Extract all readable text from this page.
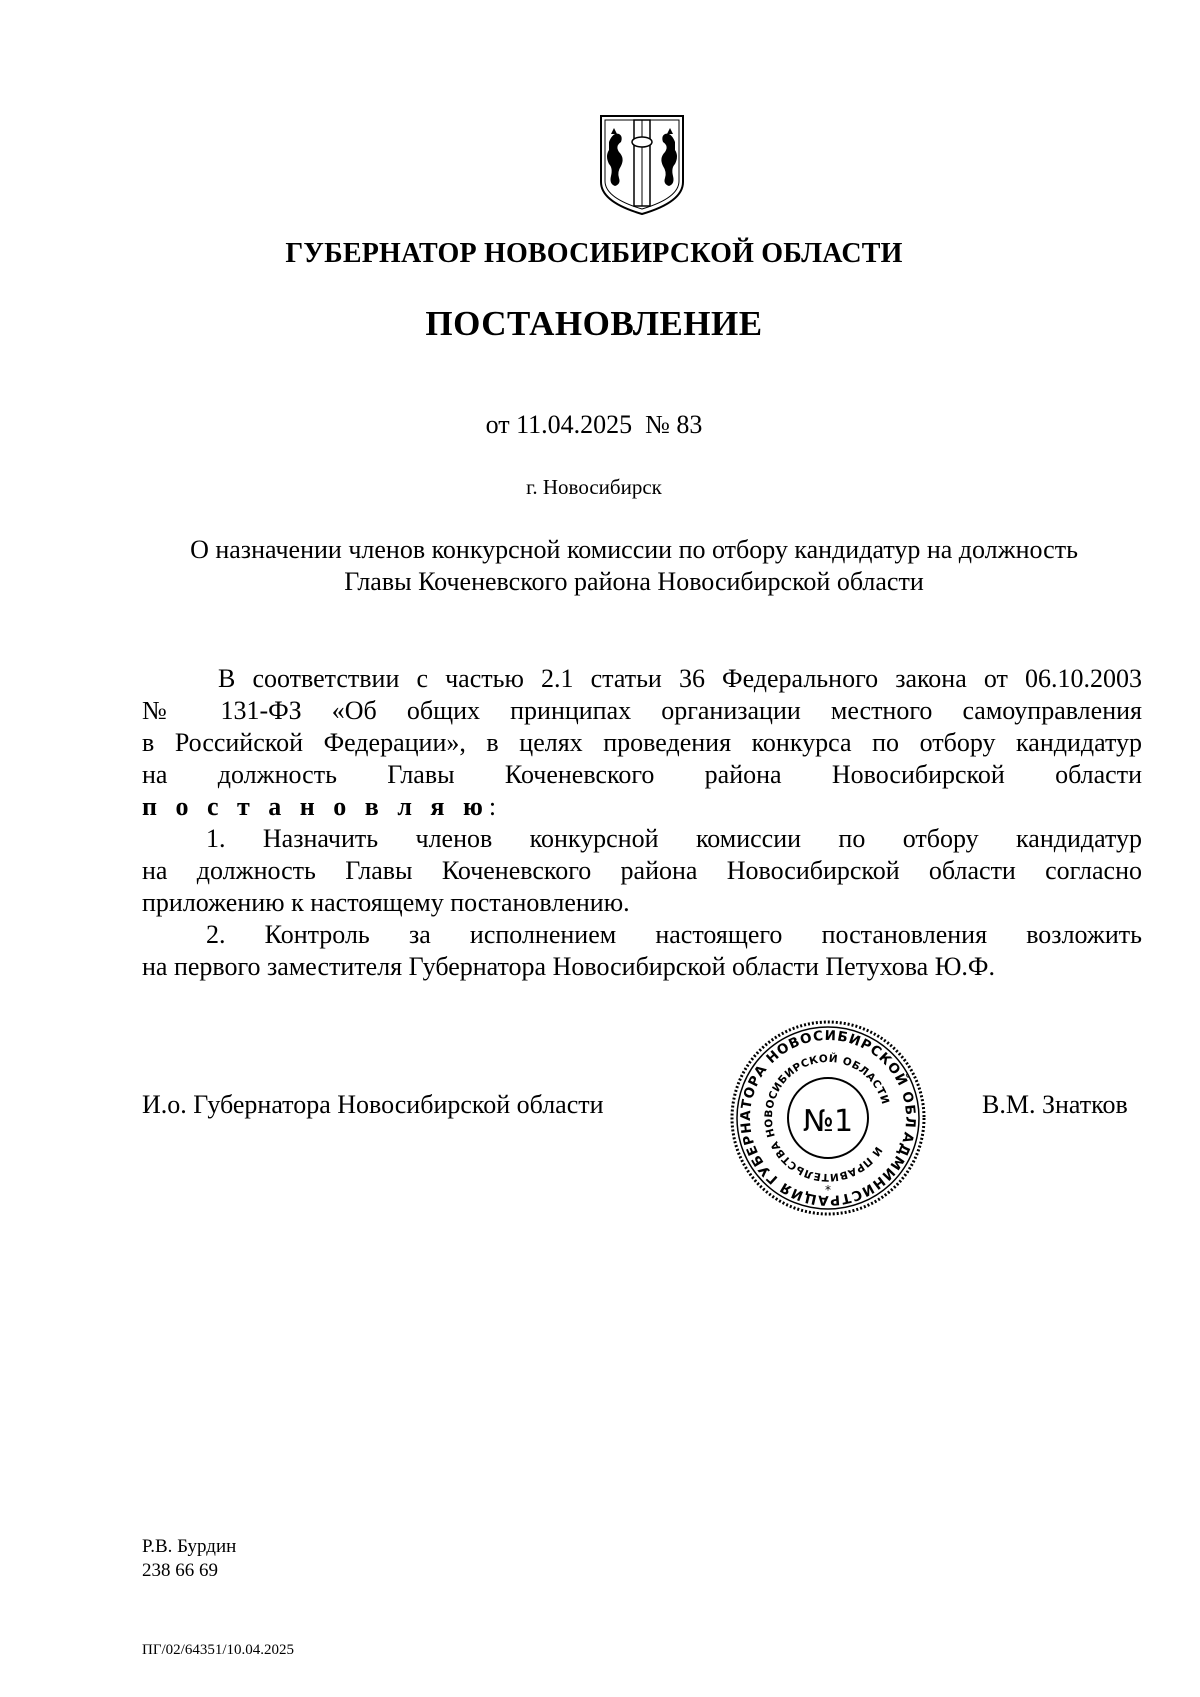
ГУБЕРНАТОР НОВОСИБИРСКОЙ ОБЛАСТИ
ПОСТАНОВЛЕНИЕ
от 11.04.2025  № 83
г. Новосибирск
О назначении членов конкурсной комиссии по отбору кандидатур на должность
Главы Коченевского района Новосибирской области
В соответствии с частью 2.1 статьи 36 Федерального закона от 06.10.2003
№ 131-ФЗ «Об общих принципах организации местного самоуправления
в Российской Федерации», в целях проведения конкурса по отбору кандидатур
на должность Главы Коченевского района Новосибирской области
п о с т а н о в л я ю:
1. Назначить членов конкурсной комиссии по отбору кандидатур
на должность Главы Коченевского района Новосибирской области согласно
приложению к настоящему постановлению.
2. Контроль за исполнением настоящего постановления возложить
на первого заместителя Губернатора Новосибирской области Петухова Ю.Ф.
И.о. Губернатора Новосибирской области
АДМИНИСТРАЦИЯ ГУБЕРНАТОРА НОВОСИБИРСКОЙ ОБЛАСТИ
И ПРАВИТЕЛЬСТВА НОВОСИБИРСКОЙ ОБЛАСТИ
№1
*
В.М. Знатков
Р.В. Бурдин
238 66 69
ПГ/02/64351/10.04.2025
